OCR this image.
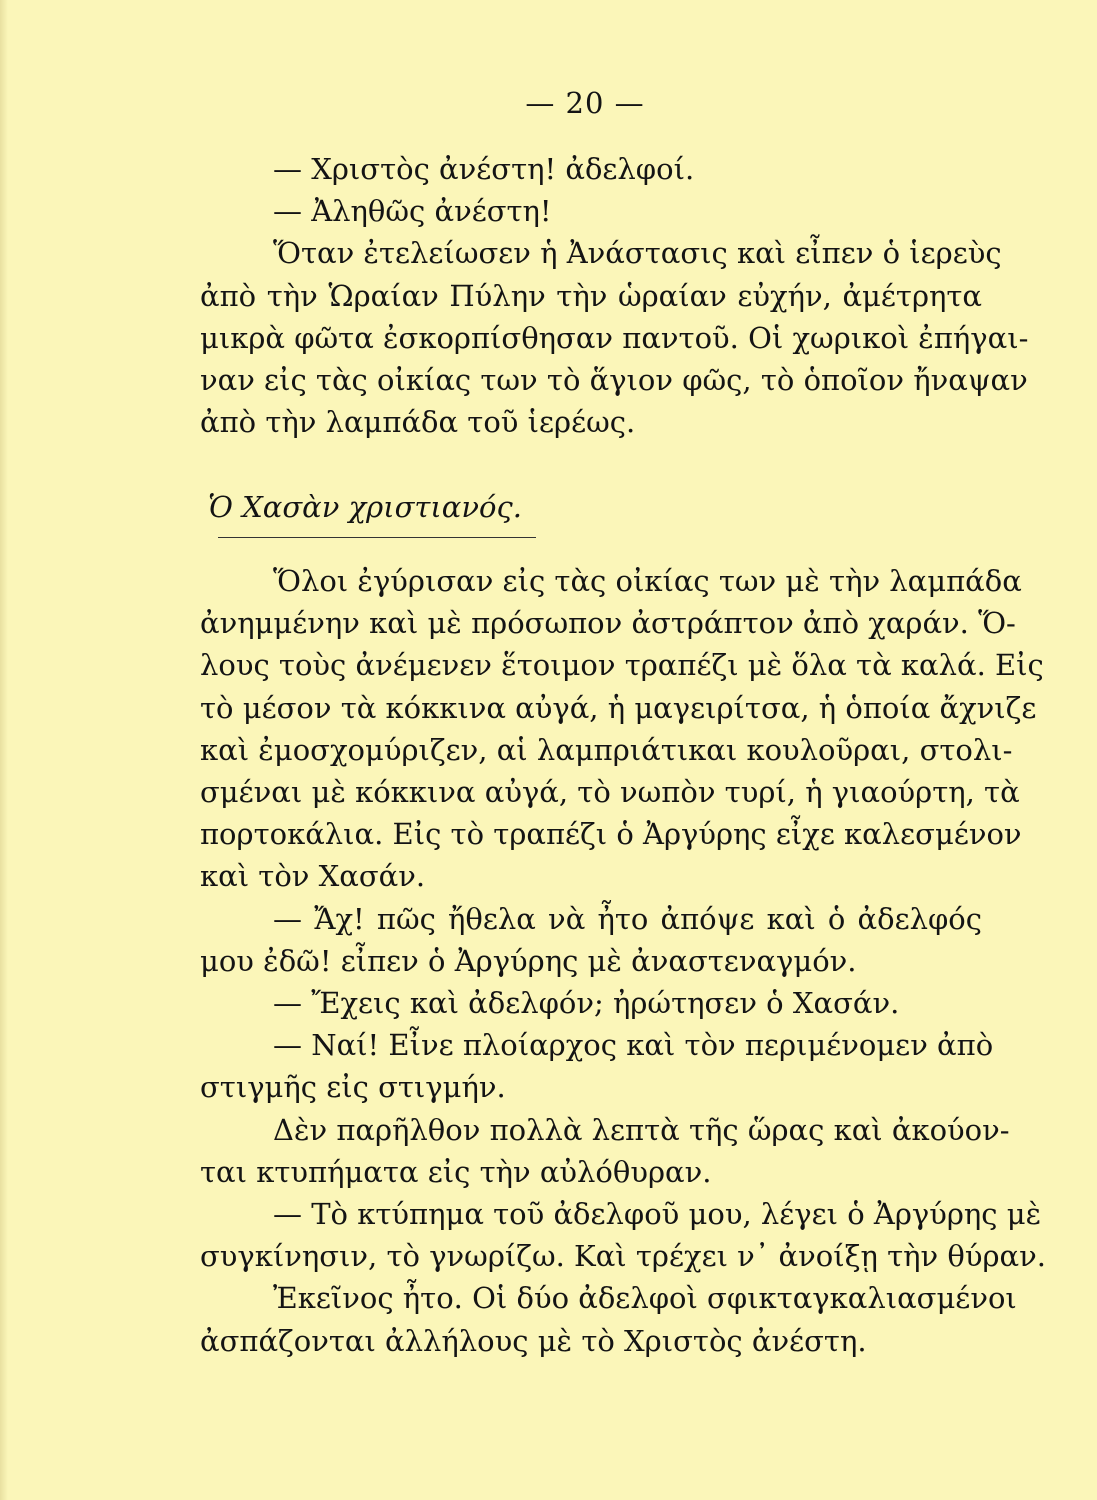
— 20 —
— Χριστὸς ἀνέστη! ἀδελφοί.
— Ἀληθῶς ἀνέστη!
Ὅταν ἐτελείωσεν ἡ Ἀνάστασις καὶ εἶπεν ὁ ἱερεὺς
ἀπὸ τὴν Ὡραίαν Πύλην τὴν ὡραίαν εὐχήν, ἀμέτρητα
μικρὰ φῶτα ἐσκορπίσθησαν παντοῦ. Οἱ χωρικοὶ ἐπήγαι-
ναν εἰς τὰς οἰκίας των τὸ ἅγιον φῶς, τὸ ὁποῖον ἤναψαν
ἀπὸ τὴν λαμπάδα τοῦ ἱερέως.
Ὁ Χασὰν χριστιανός.
Ὅλοι ἐγύρισαν εἰς τὰς οἰκίας των μὲ τὴν λαμπάδα
ἀνημμένην καὶ μὲ πρόσωπον ἀστράπτον ἀπὸ χαράν. Ὅ-
λους τοὺς ἀνέμενεν ἕτοιμον τραπέζι μὲ ὅλα τὰ καλά. Εἰς
τὸ μέσον τὰ κόκκινα αὐγά, ἡ μαγειρίτσα, ἡ ὁποία ἄχνιζε
καὶ ἐμοσχομύριζεν, αἱ λαμπριάτικαι κουλοῦραι, στολι-
σμέναι μὲ κόκκινα αὐγά, τὸ νωπὸν τυρί, ἡ γιαούρτη, τὰ
πορτοκάλια. Εἰς τὸ τραπέζι ὁ Ἀργύρης εἶχε καλεσμένον
καὶ τὸν Χασάν.
— Ἄχ! πῶς ἤθελα νὰ ἦτο ἀπόψε καὶ ὁ ἀδελφός
μου ἐδῶ! εἶπεν ὁ Ἀργύρης μὲ ἀναστεναγμόν.
— Ἔχεις καὶ ἀδελφόν; ἠρώτησεν ὁ Χασάν.
— Ναί! Εἶνε πλοίαρχος καὶ τὸν περιμένομεν ἀπὸ
στιγμῆς εἰς στιγμήν.
Δὲν παρῆλθον πολλὰ λεπτὰ τῆς ὥρας καὶ ἀκούον-
ται κτυπήματα εἰς τὴν αὐλόθυραν.
— Τὸ κτύπημα τοῦ ἀδελφοῦ μου, λέγει ὁ Ἀργύρης μὲ
συγκίνησιν, τὸ γνωρίζω. Καὶ τρέχει ν᾿ ἀνοίξῃ τὴν θύραν.
Ἐκεῖνος ἦτο. Οἱ δύο ἀδελφοὶ σφικταγκαλιασμένοι
ἀσπάζονται ἀλλήλους μὲ τὸ Χριστὸς ἀνέστη.
